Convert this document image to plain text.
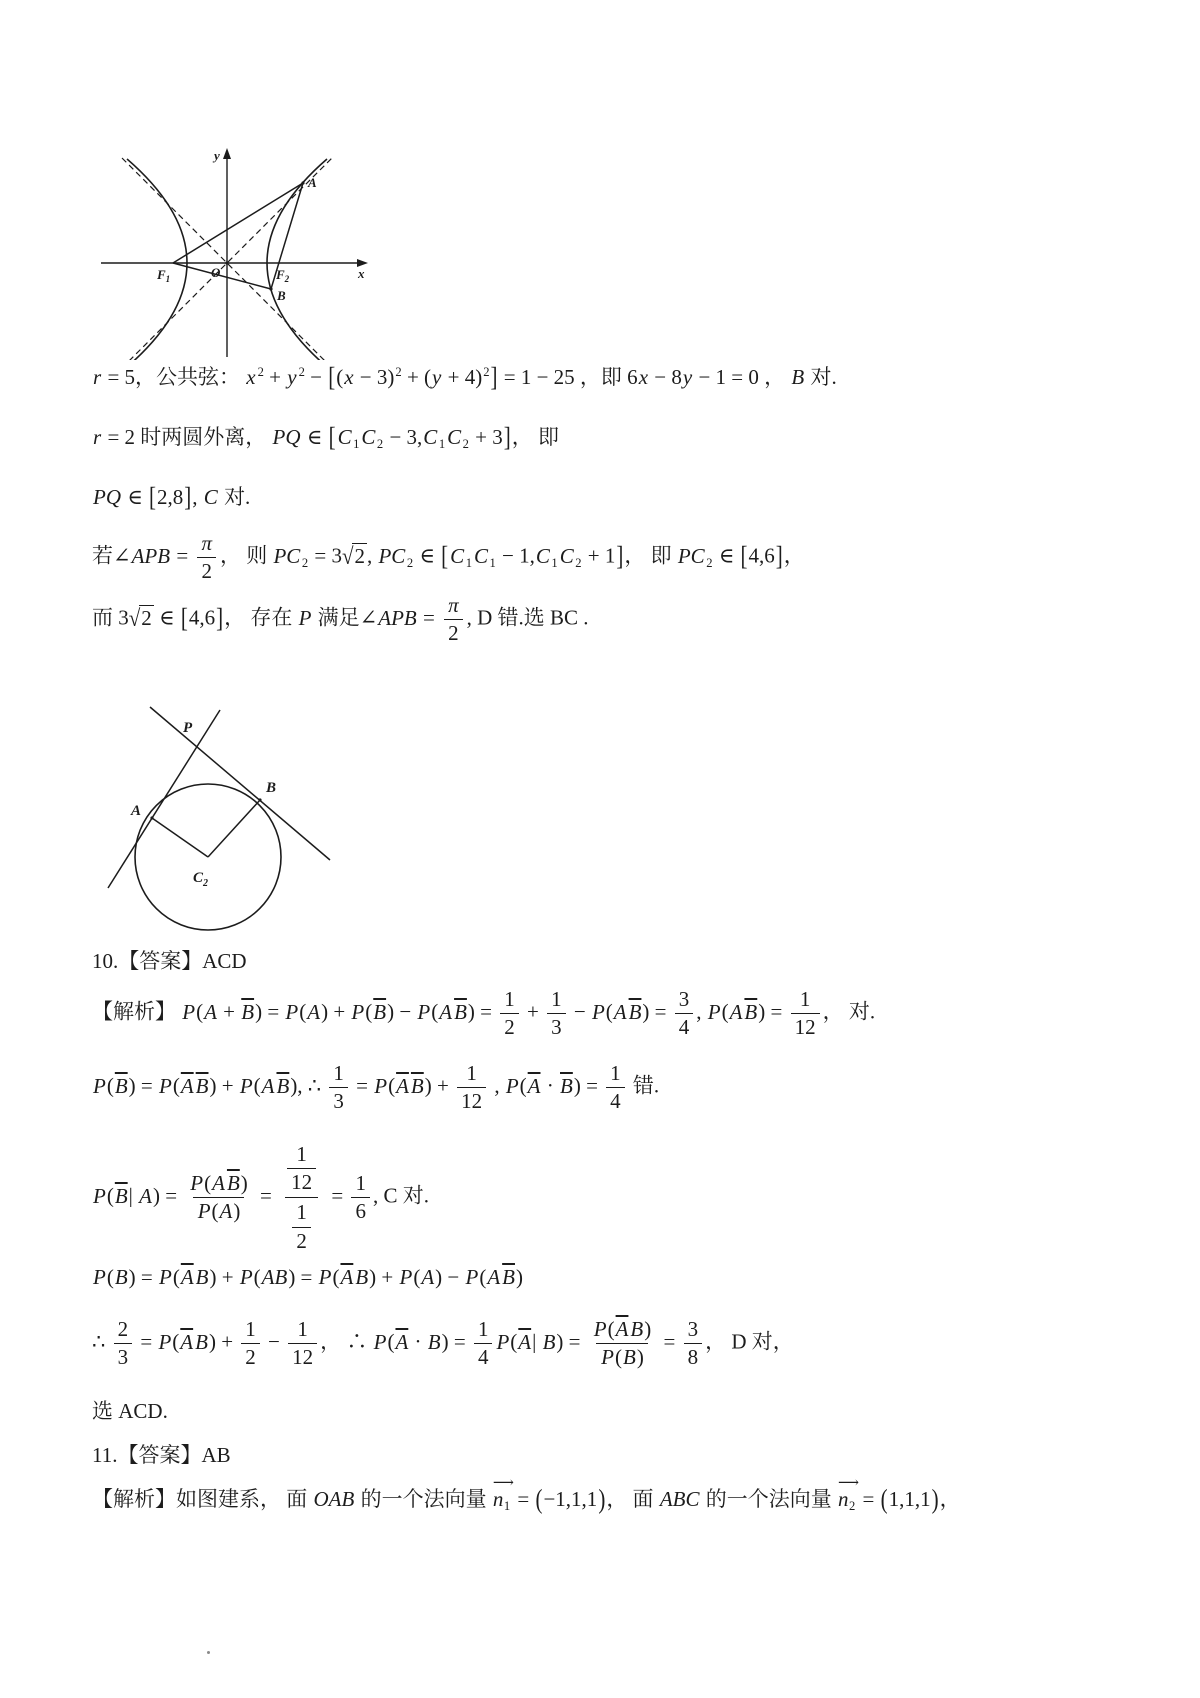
y
x
O
$F_1$	$F_2$
A
B
r = 5，公共弦： x $^2$ + y $^2 - [(x - 3)^2 + (y + 4)^2] = 1 - 25$ ，即 6x − 8y − 1 = 0 ， B 对.
r = 2 时两圆外离， PQ ∈ [C $_1$C $_2$ − 3,C $_1$C $_2$ + 3]， 即
PQ ∈ [2,8], C 对.
若∠APB = $\frac{\pi}{2}$ ， 则 PC $_2$ = 3√2, PC $_2$ ∈ [C $_1$C $_1$ − 1,C $_1$C $_2$ + 1]， 即 PC $_2$ ∈ [4,6]，
而 3√2 ∈ [4,6]， 存在 P 满足∠APB = $\frac{\pi}{2}$ , D 错.选 BC .
P
A
B
$C_2$
10.【答案】ACD
【解析】 $P(A + \overline{B}) = P(A) + P(\overline{B}) - P(A\overline{B}) = \frac{1}{2} + \frac{1}{3} - P(A\overline{B}) = \frac{3}{4}$ , $P(A\overline{B}) = \frac{1}{12}$ ， 对.
$P(\overline{B}) = P(\overline{A}\overline{B}) + P(A\overline{B})$, ∴ $\frac{1}{3} = P(\overline{A}\overline{B}) + \frac{1}{12}$ , $P(\overline{A} \cdot \overline{B}) = \frac{1}{4}$ 错.
$P(\overline{B}|$ $A) = \frac{P(A\overline{B})}{P(A)} = \frac{\frac{1}{12}}{\frac{1}{2}} = \frac{1}{6}$ , C 对.
$P(B) = P(\overline{A}B) + P(AB) = P(\overline{A}B) + P(A) - P(A\overline{B})$
∴ $\frac{2}{3} = P(\overline{A}B) + \frac{1}{2} - \frac{1}{12}$ ， ∴ $P(\overline{A} \cdot B) = \frac{1}{4} P(\overline{A}|$ $B) = \frac{P(\overline{A}B)}{P(B)} = \frac{3}{8}$ ， D 对，
选 ACD.
11.【答案】AB
【解析】如图建系， 面 OAB 的一个法向量
⟶
$n_1 = (-1,1,1)$， 面 ABC 的一个法向量
⟶
$n_2 = (1,1,1)$，
